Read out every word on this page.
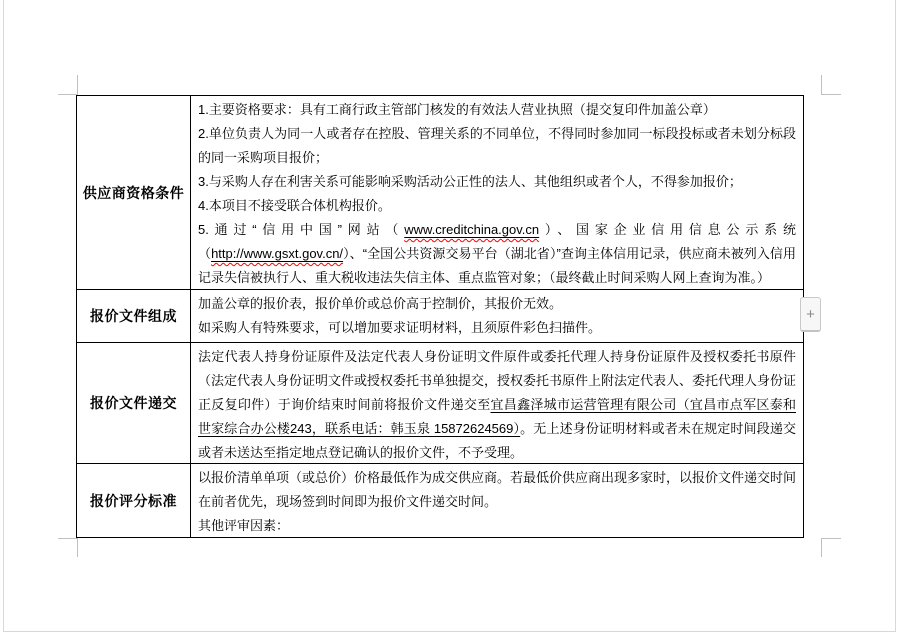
供应商资格条件

1.主要资格要求：具有工商行政主管部门核发的有效法人营业执照（提交复印件加盖公章）

2.单位负责人为同一人或者存在控股、管理关系的不同单位，不得同时参加同一标段投标或者未划分标段的同一采购项目报价；

3.与采购人存在利害关系可能影响采购活动公正性的法人、其他组织或者个人，不得参加报价；

4.本项目不接受联合体机构报价。

5.通过“信用中国”网站（www.creditchina.gov.cn）、国家企业信用信息公示系统（http://www.gsxt.gov.cn/）、“全国公共资源交易平台（湖北省）”查询主体信用记录，供应商未被列入信用记录失信被执行人、重大税收违法失信主体、重点监管对象；（最终截止时间采购人网上查询为准。）

报价文件组成

加盖公章的报价表，报价单价或总价高于控制价，其报价无效。

如采购人有特殊要求，可以增加要求证明材料，且须原件彩色扫描件。

报价文件递交

法定代表人持身份证原件及法定代表人身份证明文件原件或委托代理人持身份证原件及授权委托书原件（法定代表人身份证明文件或授权委托书单独提交，授权委托书原件上附法定代表人、委托代理人身份证正反复印件）于询价结束时间前将报价文件递交至宜昌鑫泽城市运营管理有限公司（宜昌市点军区泰和世家综合办公楼243，联系电话：韩玉泉 15872624569）。无上述身份证明材料或者未在规定时间段递交或者未送达至指定地点登记确认的报价文件，不予受理。

报价评分标准

以报价清单单项（或总价）价格最低作为成交供应商。若最低价供应商出现多家时，以报价文件递交时间在前者优先，现场签到时间即为报价文件递交时间。

其他评审因素：

+
